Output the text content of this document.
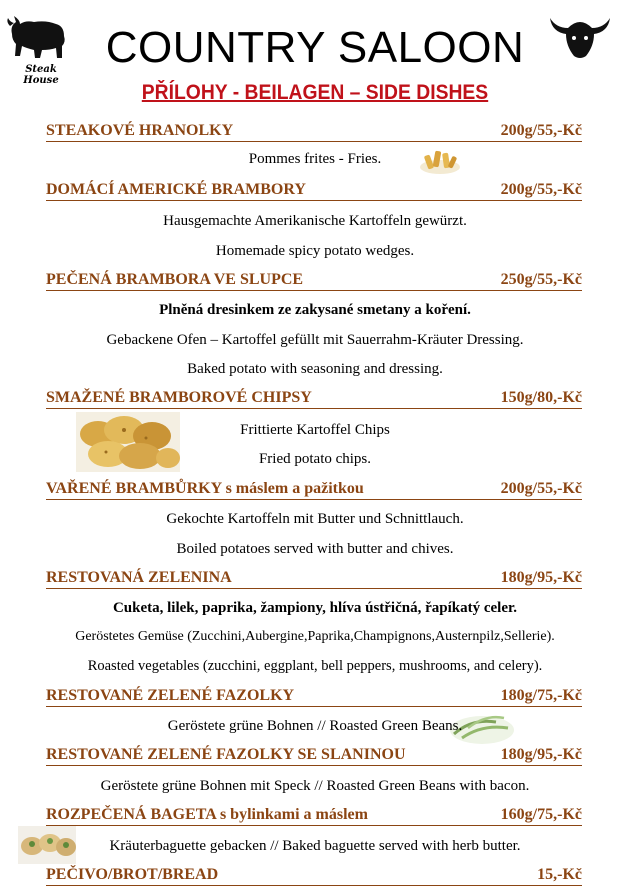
Steak House
COUNTRY SALOON
PŘÍLOHY - BEILAGEN – SIDE DISHES
STEAKOVÉ HRANOLKY	200g/55,-Kč
Pommes frites - Fries.
DOMÁCÍ AMERICKÉ BRAMBORY	200g/55,-Kč
Hausgemachte Amerikanische Kartoffeln gewürzt.
Homemade spicy potato wedges.
PEČENÁ BRAMBORA VE SLUPCE	250g/55,-Kč
Plněná dresinkem ze zakysané smetany a koření.
Gebackene Ofen – Kartoffel gefüllt mit Sauerrahm-Kräuter Dressing.
Baked potato with seasoning and dressing.
SMAŽENÉ BRAMBOROVÉ CHIPSY	150g/80,-Kč
Frittierte Kartoffel Chips
Fried potato chips.
VAŘENÉ BRAMBŮRKY s máslem a pažitkou	200g/55,-Kč
Gekochte Kartoffeln mit Butter und Schnittlauch.
Boiled potatoes served with butter and chives.
RESTOVANÁ ZELENINA	180g/95,-Kč
Cuketa, lilek, paprika, žampiony, hlíva ústřičná, řapíkatý celer.
Geröstetes Gemüse (Zucchini,Aubergine,Paprika,Champignons,Austernpilz,Sellerie).
Roasted vegetables (zucchini, eggplant, bell peppers, mushrooms, and celery).
RESTOVANÉ ZELENÉ FAZOLKY	180g/75,-Kč
Geröstete grüne Bohnen // Roasted Green Beans.
RESTOVANÉ ZELENÉ FAZOLKY SE SLANINOU	180g/95,-Kč
Geröstete grüne Bohnen mit Speck // Roasted Green Beans with bacon.
ROZPEČENÁ BAGETA s bylinkami a máslem	160g/75,-Kč
Kräuterbaguette gebacken // Baked baguette served with herb butter.
PEČIVO/BROT/BREAD	15,-Kč
